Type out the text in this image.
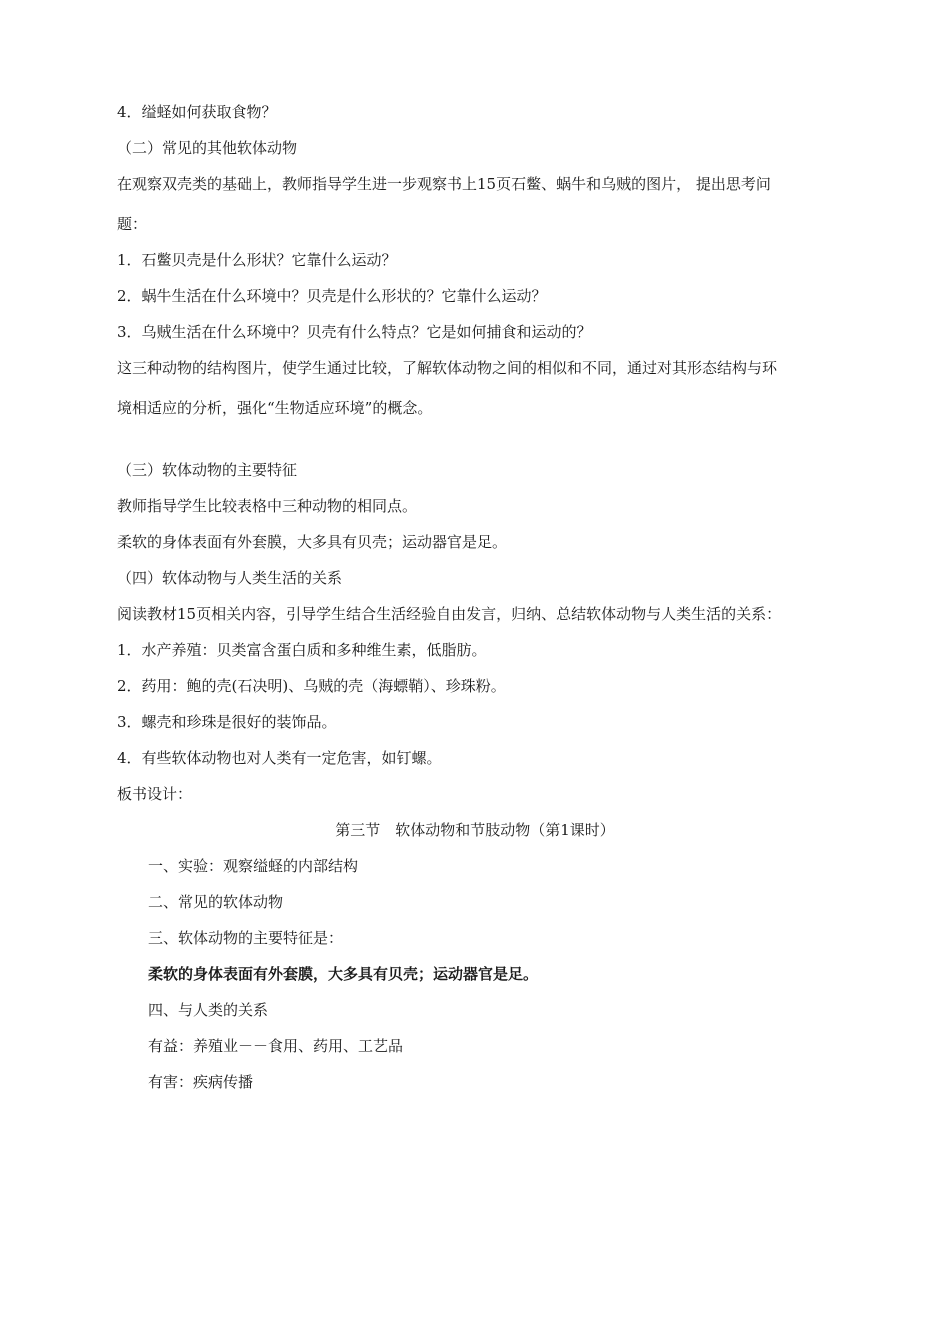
4．缢蛏如何获取食物？
（二）常见的其他软体动物
在观察双壳类的基础上，教师指导学生进一步观察书上15页石鳖、蜗牛和乌贼的图片， 提出思考问
题：
1．石鳖贝壳是什么形状？它靠什么运动？
2．蜗牛生活在什么环境中？贝壳是什么形状的？它靠什么运动？
3．乌贼生活在什么环境中？贝壳有什么特点？它是如何捕食和运动的？
这三种动物的结构图片，使学生通过比较，了解软体动物之间的相似和不同，通过对其形态结构与环
境相适应的分析，强化“生物适应环境”的概念。
（三）软体动物的主要特征
教师指导学生比较表格中三种动物的相同点。
柔软的身体表面有外套膜，大多具有贝壳；运动器官是足。
（四）软体动物与人类生活的关系
阅读教材15页相关内容，引导学生结合生活经验自由发言，归纳、总结软体动物与人类生活的关系：
1．水产养殖：贝类富含蛋白质和多种维生素，低脂肪。
2．药用：鲍的壳(石决明)、乌贼的壳（海螵鞘）、珍珠粉。
3．螺壳和珍珠是很好的装饰品。
4．有些软体动物也对人类有一定危害，如钉螺。
板书设计：
第三节　软体动物和节肢动物（第1课时）
一、实验：观察缢蛏的内部结构
二、常见的软体动物
三、软体动物的主要特征是：
柔软的身体表面有外套膜，大多具有贝壳；运动器官是足。
四、与人类的关系
有益：养殖业－－食用、药用、工艺品
有害：疾病传播
